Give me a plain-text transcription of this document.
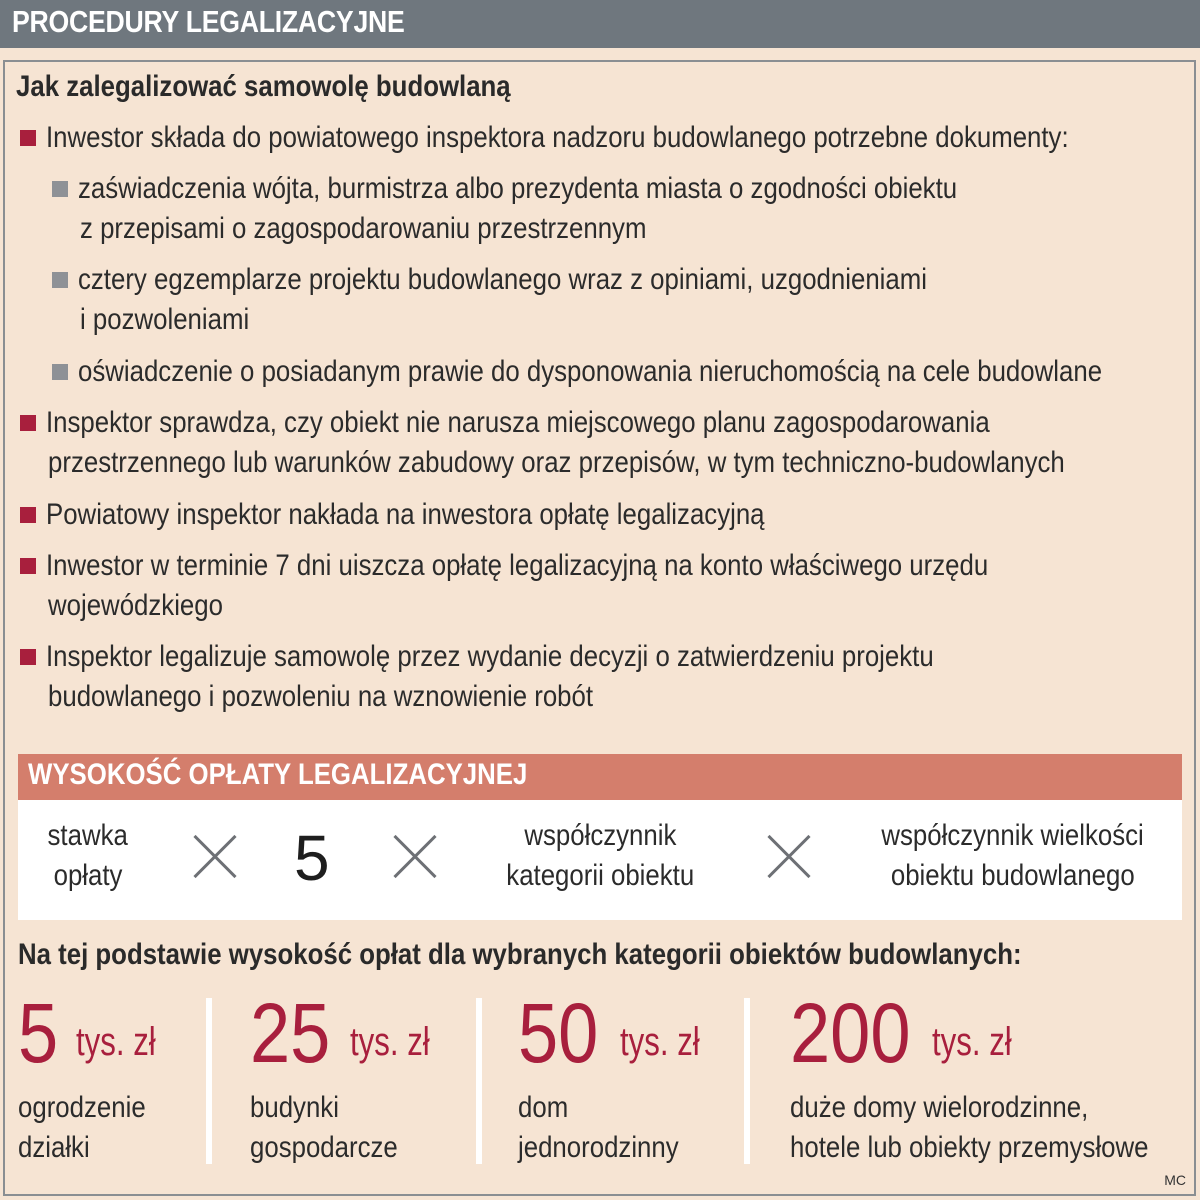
PROCEDURY LEGALIZACYJNE
Jak zalegalizować samowolę budowlaną
Inwestor składa do powiatowego inspektora nadzoru budowlanego potrzebne dokumenty:
zaświadczenia wójta, burmistrza albo prezydenta miasta o zgodności obiektu
z przepisami o zagospodarowaniu przestrzennym
cztery egzemplarze projektu budowlanego wraz z opiniami, uzgodnieniami
i pozwoleniami
oświadczenie o posiadanym prawie do dysponowania nieruchomością na cele budowlane
Inspektor sprawdza, czy obiekt nie narusza miejscowego planu zagospodarowania
przestrzennego lub warunków zabudowy oraz przepisów, w tym techniczno-budowlanych
Powiatowy inspektor nakłada na inwestora opłatę legalizacyjną
Inwestor w terminie 7 dni uiszcza opłatę legalizacyjną na konto właściwego urzędu
wojewódzkiego
Inspektor legalizuje samowolę przez wydanie decyzji o zatwierdzeniu projektu
budowlanego i pozwoleniu na wznowienie robót
WYSOKOŚĆ OPŁATY LEGALIZACYJNEJ
stawka
opłaty	5	współczynnik
kategorii obiektu
współczynnik wielkości
obiektu budowlanego
Na tej podstawie wysokość opłat dla wybranych kategorii obiektów budowlanych:
5 tys. zł
ogrodzenie
działki
25 tys. zł
budynki
gospodarcze
50 tys. zł
dom
jednorodzinny
200 tys. zł
duże domy wielorodzinne,
hotele lub obiekty przemysłowe
MC
